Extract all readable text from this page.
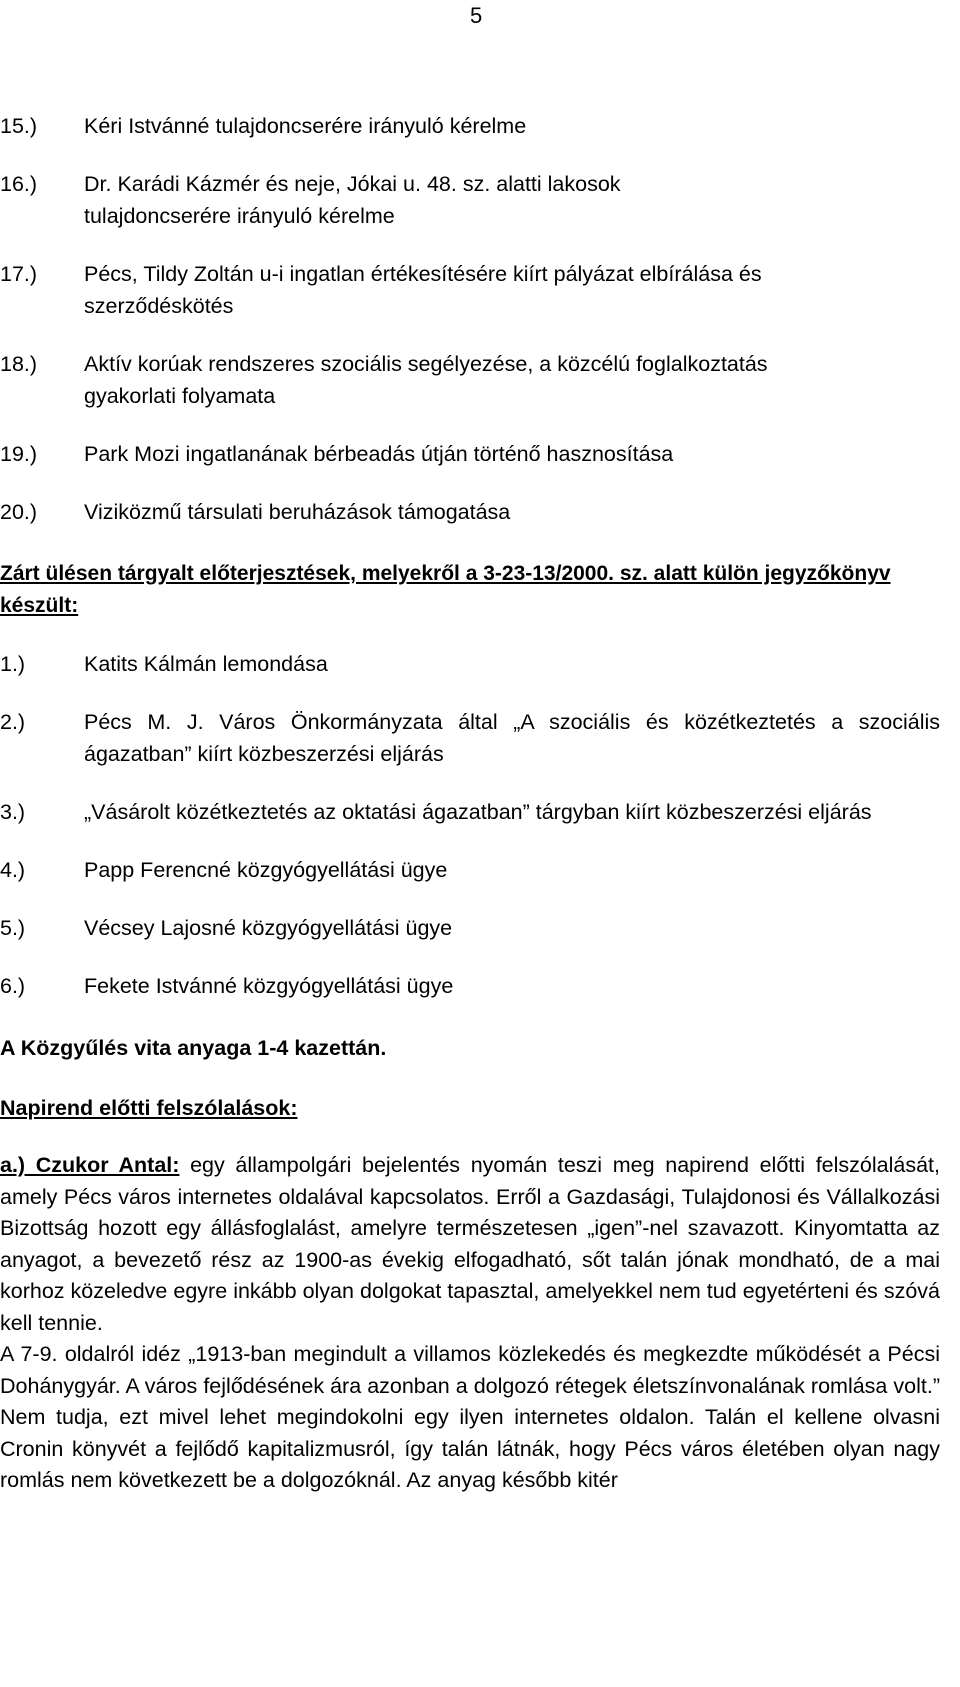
5
15.)	Kéri Istvánné tulajdoncserére irányuló kérelme
16.)	Dr. Karádi Kázmér és neje, Jókai u. 48. sz. alatti lakosok tulajdoncserére irányuló kérelme
17.)	Pécs, Tildy Zoltán u-i ingatlan értékesítésére kiírt pályázat elbírálása és szerződéskötés
18.)	Aktív korúak rendszeres szociális segélyezése, a közcélú foglalkoztatás gyakorlati folyamata
19.)	Park Mozi ingatlanának bérbeadás útján történő hasznosítása
20.)	Viziközmű társulati beruházások támogatása
Zárt ülésen tárgyalt előterjesztések, melyekről a 3-23-13/2000. sz. alatt külön jegyzőkönyv készült:
1.)	Katits Kálmán lemondása
2.)	Pécs M. J. Város Önkormányzata által „A szociális és közétkeztetés a szociális ágazatban” kiírt közbeszerzési eljárás
3.)	„Vásárolt közétkeztetés az oktatási ágazatban” tárgyban kiírt közbeszerzési eljárás
4.)	Papp Ferencné közgyógyellátási ügye
5.)	Vécsey Lajosné közgyógyellátási ügye
6.)	Fekete Istvánné közgyógyellátási ügye
A Közgyűlés vita anyaga 1-4 kazettán.
Napirend előtti felszólalások:
a.) Czukor Antal: egy állampolgári bejelentés nyomán teszi meg napirend előtti felszólalását, amely Pécs város internetes oldalával kapcsolatos. Erről a Gazdasági, Tulajdonosi és Vállalkozási Bizottság hozott egy állásfoglalást, amelyre természetesen „igen”-nel szavazott. Kinyomtatta az anyagot, a bevezető rész az 1900-as évekig elfogadható, sőt talán jónak mondható, de a mai korhoz közeledve egyre inkább olyan dolgokat tapasztal, amelyekkel nem tud egyetérteni és szóvá kell tennie.
A 7-9. oldalról idéz „1913-ban megindult a villamos közlekedés és megkezdte működését a Pécsi Dohánygyár. A város fejlődésének ára azonban a dolgozó rétegek életszínvonalának romlása volt.” Nem tudja, ezt mivel lehet megindokolni egy ilyen internetes oldalon. Talán el kellene olvasni Cronin könyvét a fejlődő kapitalizmusról, így talán látnák, hogy Pécs város életében olyan nagy romlás nem következett be a dolgozóknál. Az anyag később kitér
